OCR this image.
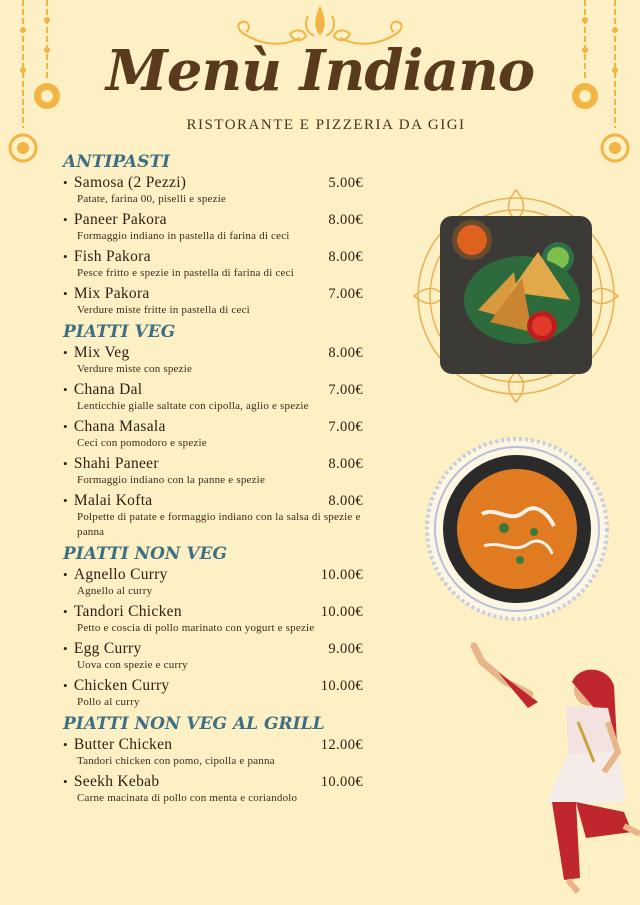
Menù Indiano
RISTORANTE E PIZZERIA DA GIGI
ANTIPASTI
• Samosa (2 Pezzi)	5.00€
Patate, farina 00, piselli e spezie
• Paneer Pakora	8.00€
Formaggio indiano in pastella di farina di ceci
• Fish Pakora	8.00€
Pesce fritto e spezie in pastella di farina di ceci
• Mix Pakora	7.00€
Verdure miste fritte in pastella di ceci
PIATTI VEG
• Mix Veg	8.00€
Verdure miste con spezie
• Chana Dal	7.00€
Lenticchie gialle saltate con cipolla, aglio e spezie
• Chana Masala	7.00€
Ceci con pomodoro e spezie
• Shahi Paneer	8.00€
Formaggio indiano con la panne e spezie
• Malai Kofta	8.00€
Polpette di patate e formaggio indiano con la salsa di spezie e panna
PIATTI NON VEG
• Agnello Curry	10.00€
Agnello al curry
• Tandori Chicken	10.00€
Petto e coscia di pollo marinato con yogurt e spezie
• Egg Curry	9.00€
Uova con spezie e curry
• Chicken Curry	10.00€
Pollo al curry
PIATTI NON VEG AL GRILL
• Butter Chicken	12.00€
Tandori chicken con pomo, cipolla e panna
• Seekh Kebab	10.00€
Carne macinata di pollo con menta e coriandolo
